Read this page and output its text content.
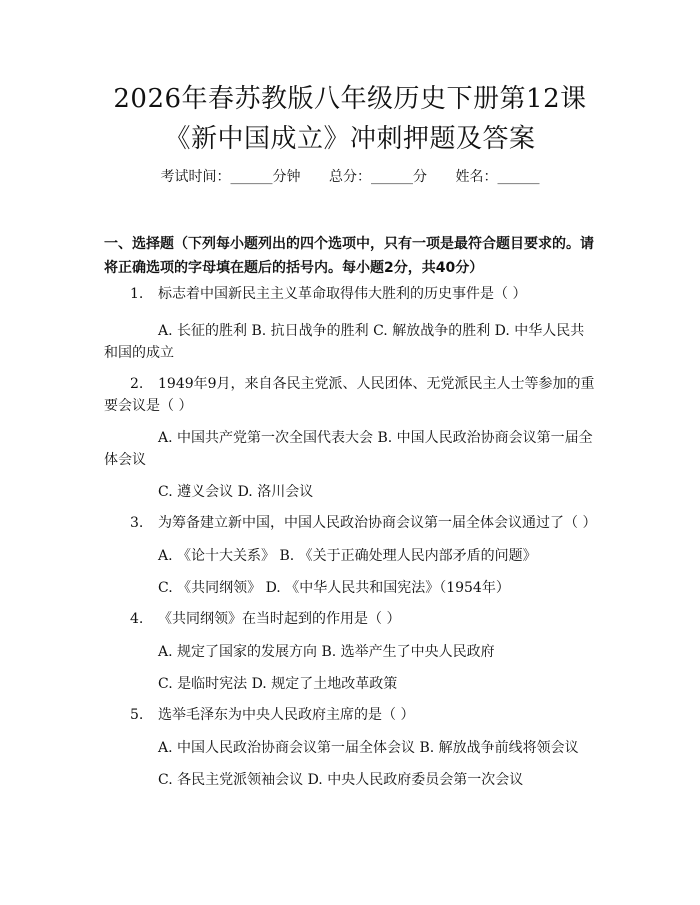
2026年春苏教版八年级历史下册第12课
《新中国成立》冲刺押题及答案
考试时间：______分钟 总分：______分 姓名：______
一、选择题（下列每小题列出的四个选项中，只有一项是最符合题目要求的。请
将正确选项的字母填在题后的括号内。每小题2分，共40分）
1. 标志着中国新民主主义革命取得伟大胜利的历史事件是（ ）
A. 长征的胜利 B. 抗日战争的胜利 C. 解放战争的胜利 D. 中华人民共
和国的成立
2. 1949年9月，来自各民主党派、人民团体、无党派民主人士等参加的重
要会议是（ ）
A. 中国共产党第一次全国代表大会 B. 中国人民政治协商会议第一届全
体会议
C. 遵义会议 D. 洛川会议
3. 为筹备建立新中国，中国人民政治协商会议第一届全体会议通过了（ ）
A. 《论十大关系》 B. 《关于正确处理人民内部矛盾的问题》
C. 《共同纲领》 D. 《中华人民共和国宪法》（1954年）
4. 《共同纲领》在当时起到的作用是（ ）
A. 规定了国家的发展方向 B. 选举产生了中央人民政府
C. 是临时宪法 D. 规定了土地改革政策
5. 选举毛泽东为中央人民政府主席的是（ ）
A. 中国人民政治协商会议第一届全体会议 B. 解放战争前线将领会议
C. 各民主党派领袖会议 D. 中央人民政府委员会第一次会议
